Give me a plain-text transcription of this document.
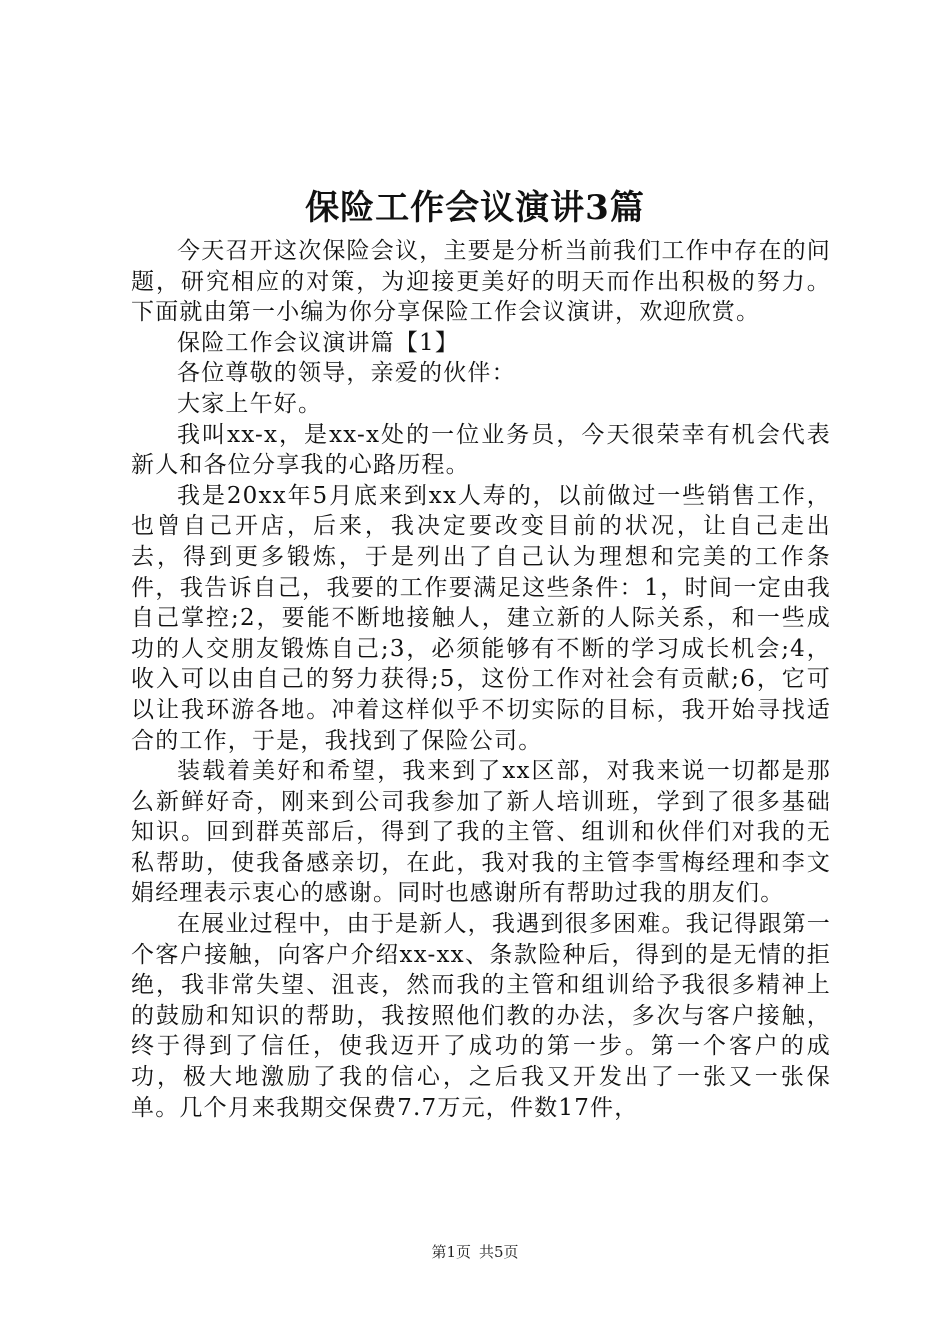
保险工作会议演讲3篇

今天召开这次保险会议，主要是分析当前我们工作中存在的问题，研究相应的对策，为迎接更美好的明天而作出积极的努力。下面就由第一小编为你分享保险工作会议演讲，欢迎欣赏。

保险工作会议演讲篇【1】

各位尊敬的领导，亲爱的伙伴：

大家上午好。

我叫xx-x，是xx-x处的一位业务员，今天很荣幸有机会代表新人和各位分享我的心路历程。

我是20xx年5月底来到xx人寿的，以前做过一些销售工作，也曾自己开店，后来，我决定要改变目前的状况，让自己走出去，得到更多锻炼，于是列出了自己认为理想和完美的工作条件，我告诉自己，我要的工作要满足这些条件：1，时间一定由我自己掌控;2，要能不断地接触人，建立新的人际关系，和一些成功的人交朋友锻炼自己;3，必须能够有不断的学习成长机会;4，收入可以由自己的努力获得;5，这份工作对社会有贡献;6，它可以让我环游各地。冲着这样似乎不切实际的目标，我开始寻找适合的工作，于是，我找到了保险公司。

装载着美好和希望，我来到了xx区部，对我来说一切都是那么新鲜好奇，刚来到公司我参加了新人培训班，学到了很多基础知识。回到群英部后，得到了我的主管、组训和伙伴们对我的无私帮助，使我备感亲切，在此，我对我的主管李雪梅经理和李文娟经理表示衷心的感谢。同时也感谢所有帮助过我的朋友们。

在展业过程中，由于是新人，我遇到很多困难。我记得跟第一个客户接触，向客户介绍xx-xx、条款险种后，得到的是无情的拒绝，我非常失望、沮丧，然而我的主管和组训给予我很多精神上的鼓励和知识的帮助，我按照他们教的办法，多次与客户接触，终于得到了信任，使我迈开了成功的第一步。第一个客户的成功，极大地激励了我的信心，之后我又开发出了一张又一张保单。几个月来我期交保费7.7万元，件数17件，

第1页 共5页
